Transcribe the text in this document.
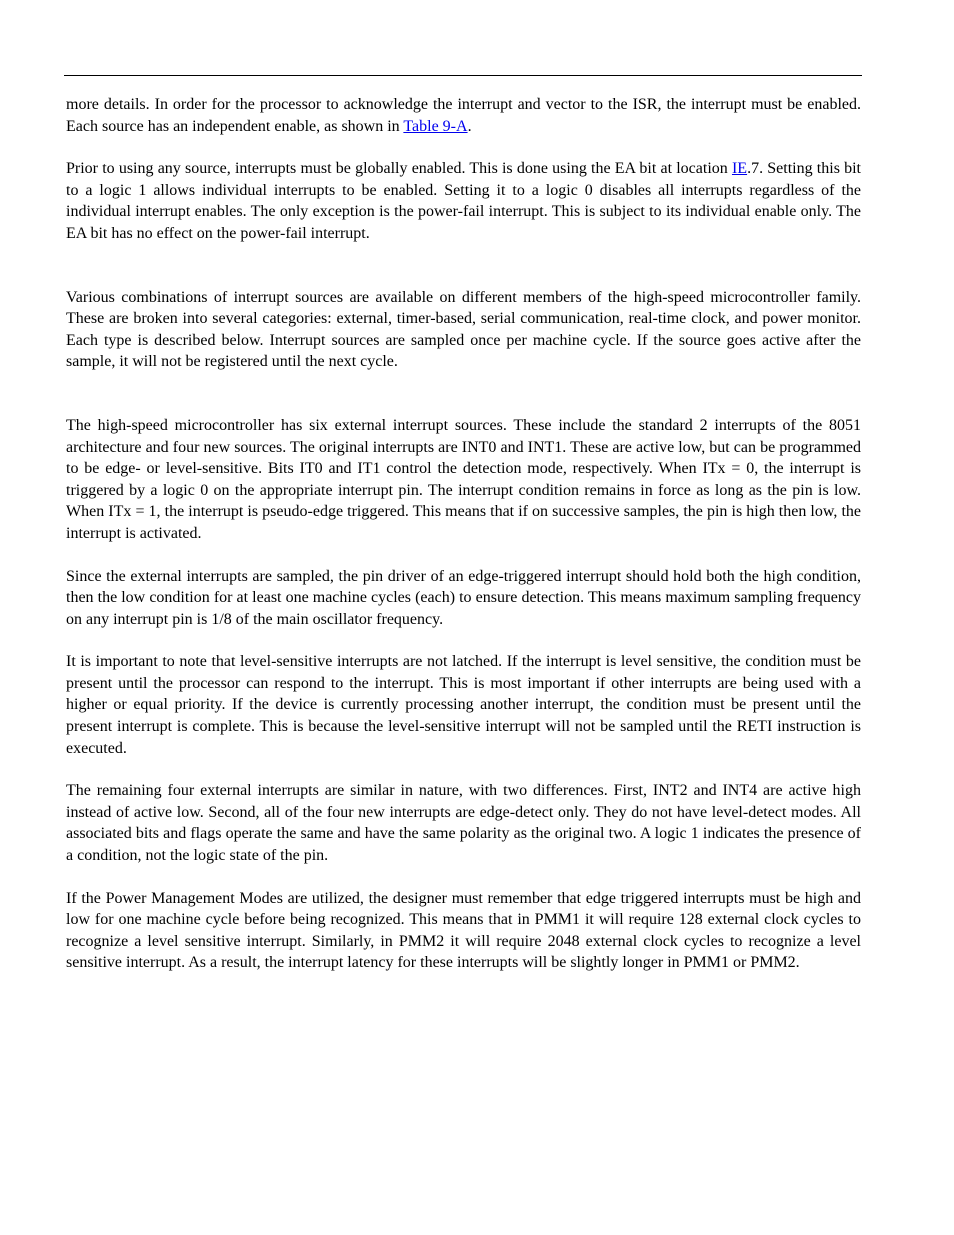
more details. In order for the processor to acknowledge the interrupt and vector to the ISR, the interrupt must be enabled. Each source has an independent enable, as shown in Table 9-A.

Prior to using any source, interrupts must be globally enabled. This is done using the EA bit at location IE.7. Setting this bit to a logic 1 allows individual interrupts to be enabled. Setting it to a logic 0 disables all interrupts regardless of the individual interrupt enables. The only exception is the power-fail interrupt. This is subject to its individual enable only. The EA bit has no effect on the power-fail interrupt.

Various combinations of interrupt sources are available on different members of the high-speed microcontroller family. These are broken into several categories: external, timer-based, serial communication, real-time clock, and power monitor. Each type is described below. Interrupt sources are sampled once per machine cycle. If the source goes active after the sample, it will not be registered until the next cycle.

The high-speed microcontroller has six external interrupt sources. These include the standard 2 interrupts of the 8051 architecture and four new sources. The original interrupts are INT0 and INT1. These are active low, but can be programmed to be edge- or level-sensitive. Bits IT0 and IT1 control the detection mode, respectively. When ITx = 0, the interrupt is triggered by a logic 0 on the appropriate interrupt pin. The interrupt condition remains in force as long as the pin is low. When ITx = 1, the interrupt is pseudo-edge triggered. This means that if on successive samples, the pin is high then low, the interrupt is activated.

Since the external interrupts are sampled, the pin driver of an edge-triggered interrupt should hold both the high condition, then the low condition for at least one machine cycles (each) to ensure detection. This means maximum sampling frequency on any interrupt pin is 1/8 of the main oscillator frequency.

It is important to note that level-sensitive interrupts are not latched. If the interrupt is level sensitive, the condition must be present until the processor can respond to the interrupt. This is most important if other interrupts are being used with a higher or equal priority. If the device is currently processing another interrupt, the condition must be present until the present interrupt is complete. This is because the level-sensitive interrupt will not be sampled until the RETI instruction is executed.

The remaining four external interrupts are similar in nature, with two differences. First, INT2 and INT4 are active high instead of active low. Second, all of the four new interrupts are edge-detect only. They do not have level-detect modes. All associated bits and flags operate the same and have the same polarity as the original two. A logic 1 indicates the presence of a condition, not the logic state of the pin.

If the Power Management Modes are utilized, the designer must remember that edge triggered interrupts must be high and low for one machine cycle before being recognized. This means that in PMM1 it will require 128 external clock cycles to recognize a level sensitive interrupt. Similarly, in PMM2 it will require 2048 external clock cycles to recognize a level sensitive interrupt. As a result, the interrupt latency for these interrupts will be slightly longer in PMM1 or PMM2.
